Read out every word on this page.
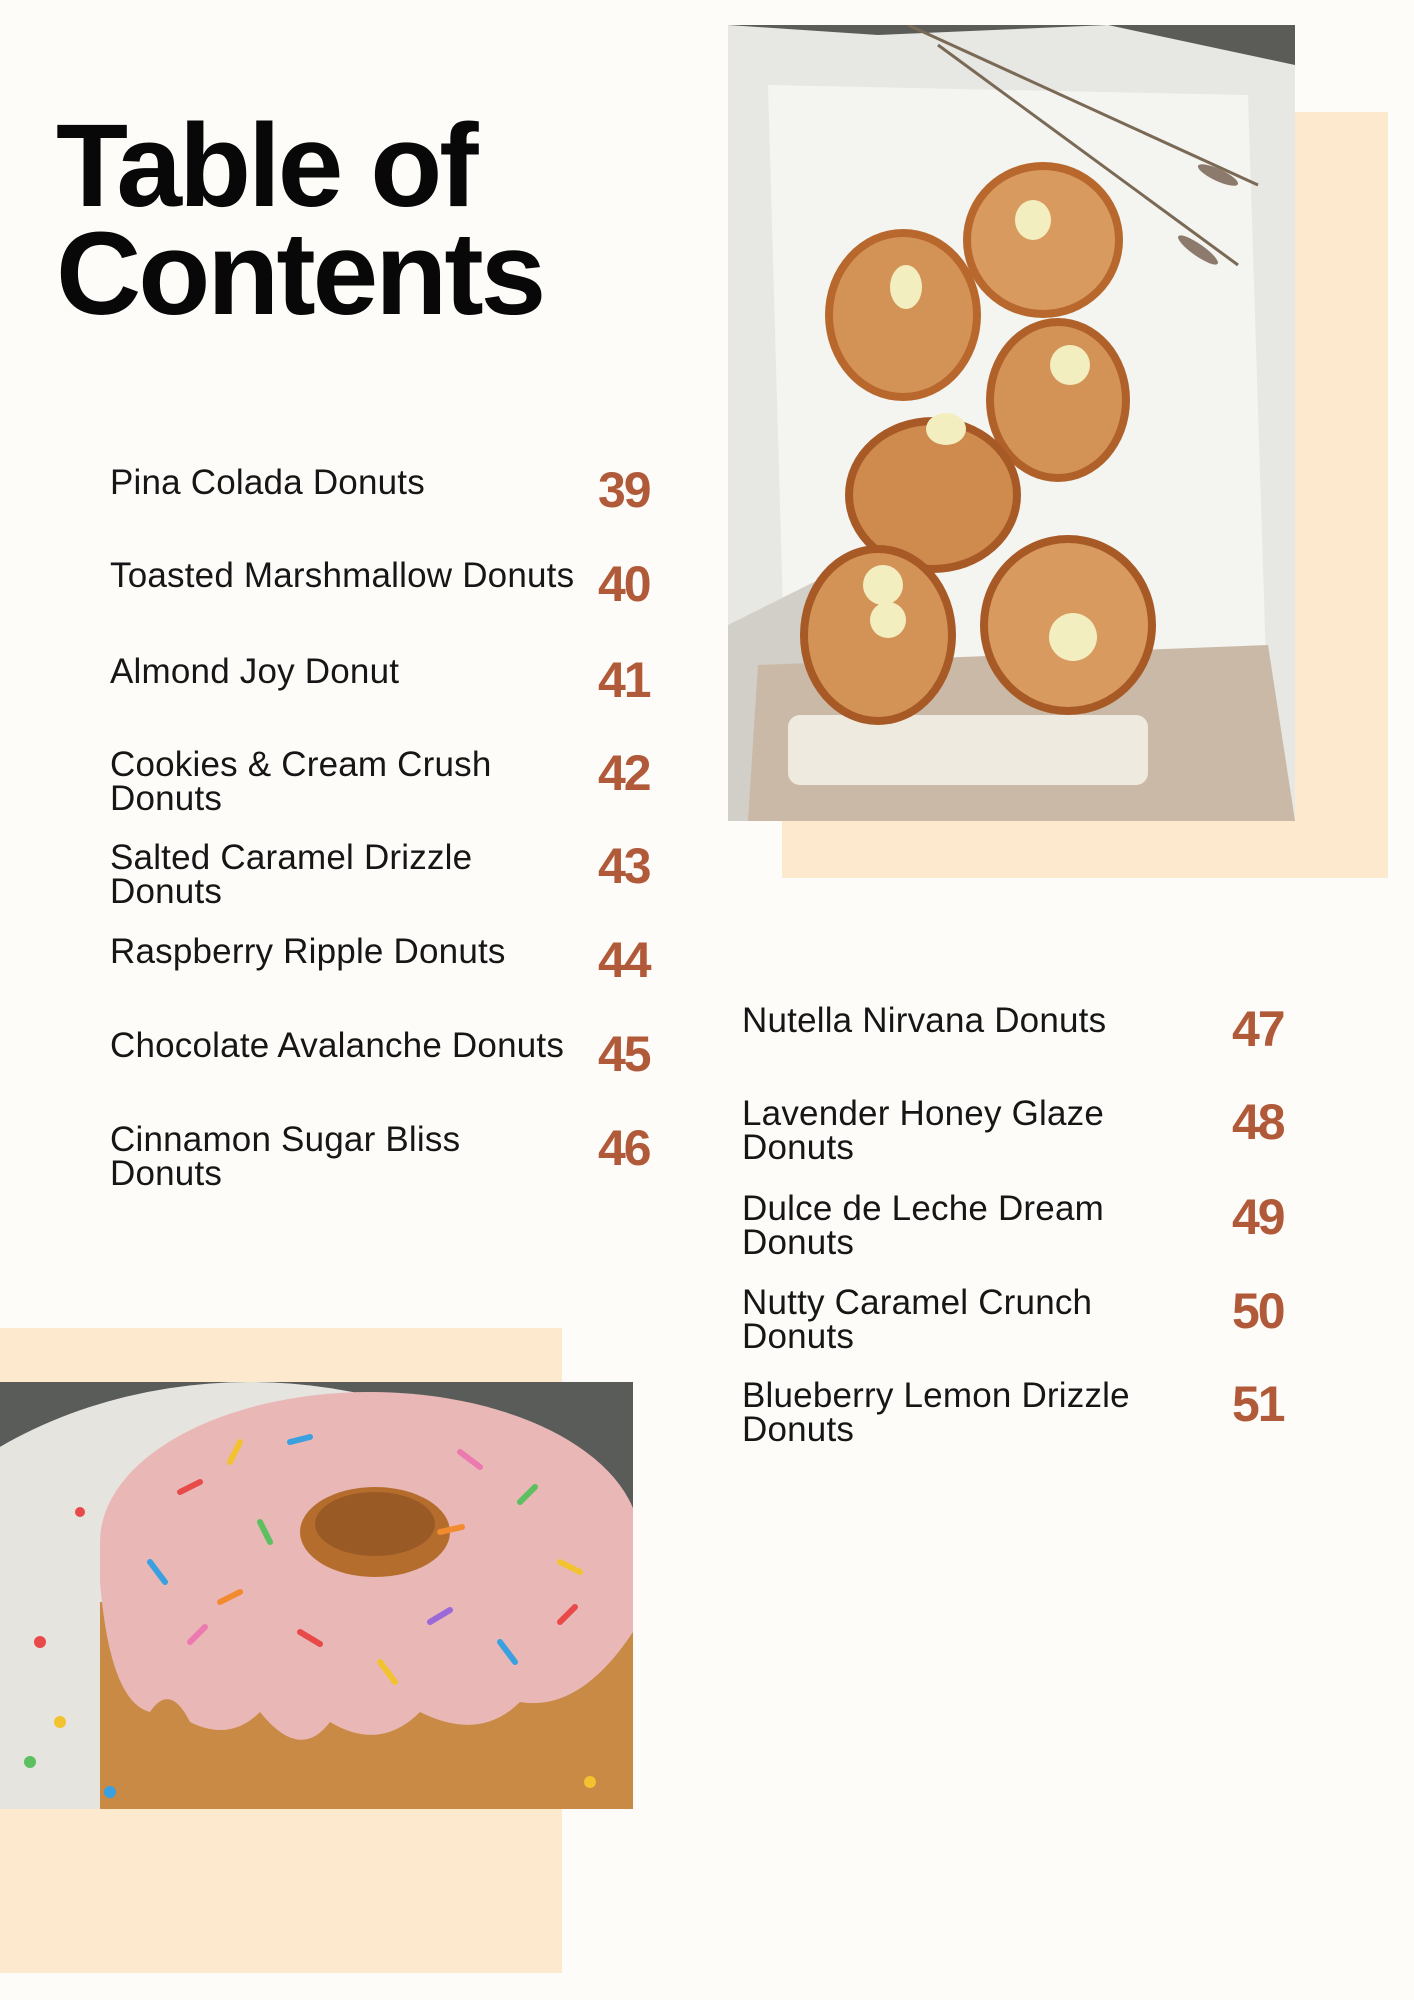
Table of
Contents
Pina Colada Donuts	39
Toasted Marshmallow Donuts 40
Almond Joy Donut	41
Cookies & Cream Crush Donuts	42
Salted Caramel Drizzle Donuts	43
Raspberry Ripple Donuts	44
Chocolate Avalanche Donuts 45
Cinnamon Sugar Bliss Donuts	46
Nutella Nirvana Donuts	47
Lavender Honey Glaze Donuts	48
Dulce de Leche Dream Donuts	49
Nutty Caramel Crunch Donuts	50
Blueberry Lemon Drizzle Donuts	51
